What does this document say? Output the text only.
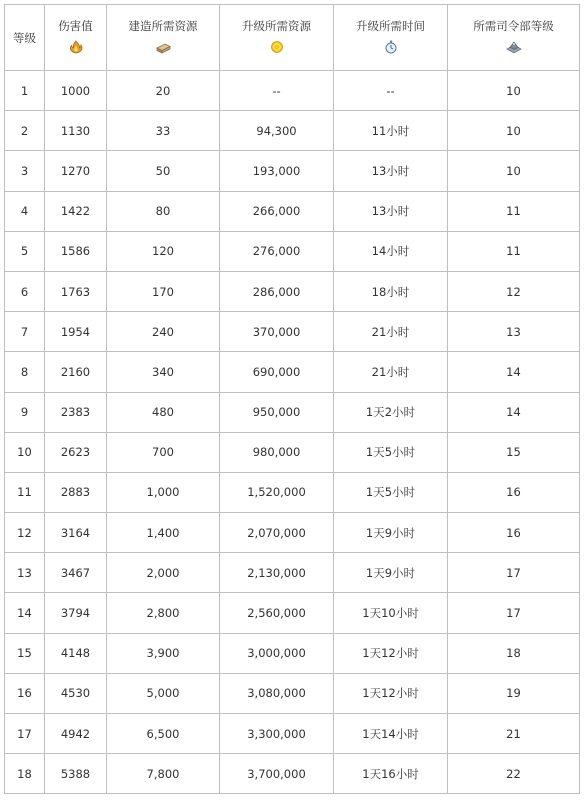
等级	伤害值	建造所需资源	升级所需资源	升级所需时间	所需司令部等级

1	1000	20	--	--	10
2	1130	33	94,300	11小时	10
3	1270	50	193,000	13小时	10
4	1422	80	266,000	13小时	11
5	1586	120	276,000	14小时	11
6	1763	170	286,000	18小时	12
7	1954	240	370,000	21小时	13
8	2160	340	690,000	21小时	14
9	2383	480	950,000	1天2小时	14
10	2623	700	980,000	1天5小时	15
11	2883	1,000	1,520,000	1天5小时	16
12	3164	1,400	2,070,000	1天9小时	16
13	3467	2,000	2,130,000	1天9小时	17
14	3794	2,800	2,560,000	1天10小时	17
15	4148	3,900	3,000,000	1天12小时	18
16	4530	5,000	3,080,000	1天12小时	19
17	4942	6,500	3,300,000	1天14小时	21
18	5388	7,800	3,700,000	1天16小时	22
